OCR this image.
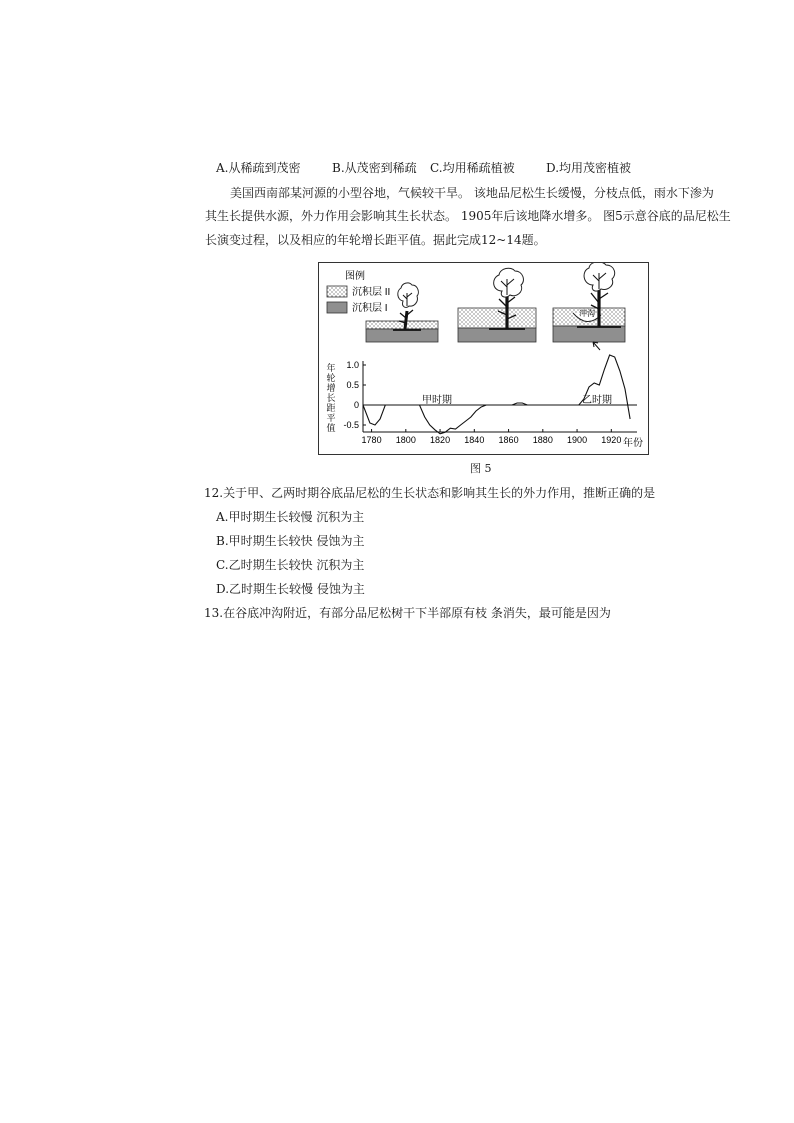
A.从稀疏到茂密	B.从茂密到稀疏 C.均用稀疏植被	D.均用茂密植被
美国西南部某河源的小型谷地，气候较干旱。 该地品尼松生长缓慢，分枝点低，雨水下渗为
其生长提供水源，外力作用会影响其生长状态。 1905年后该地降水增多。 图5示意谷底的品尼松生
长演变过程，以及相应的年轮增长距平值。据此完成12~14题。
图例
沉积层 II
沉积层 I	冲沟
年
轮
增
长
距
平
值
1780 1800 1820 1840 1860 1880 1900 1920
1.0
0.5
0
-0.5
甲时期	乙时期
年份
图 5
12.关于甲、乙两时期谷底品尼松的生长状态和影响其生长的外力作用，推断正确的是
A.甲时期生长较慢 沉积为主
B.甲时期生长较快 侵蚀为主
C.乙时期生长较快 沉积为主
D.乙时期生长较慢 侵蚀为主
13.在谷底冲沟附近，有部分品尼松树干下半部原有枝 条消失，最可能是因为
